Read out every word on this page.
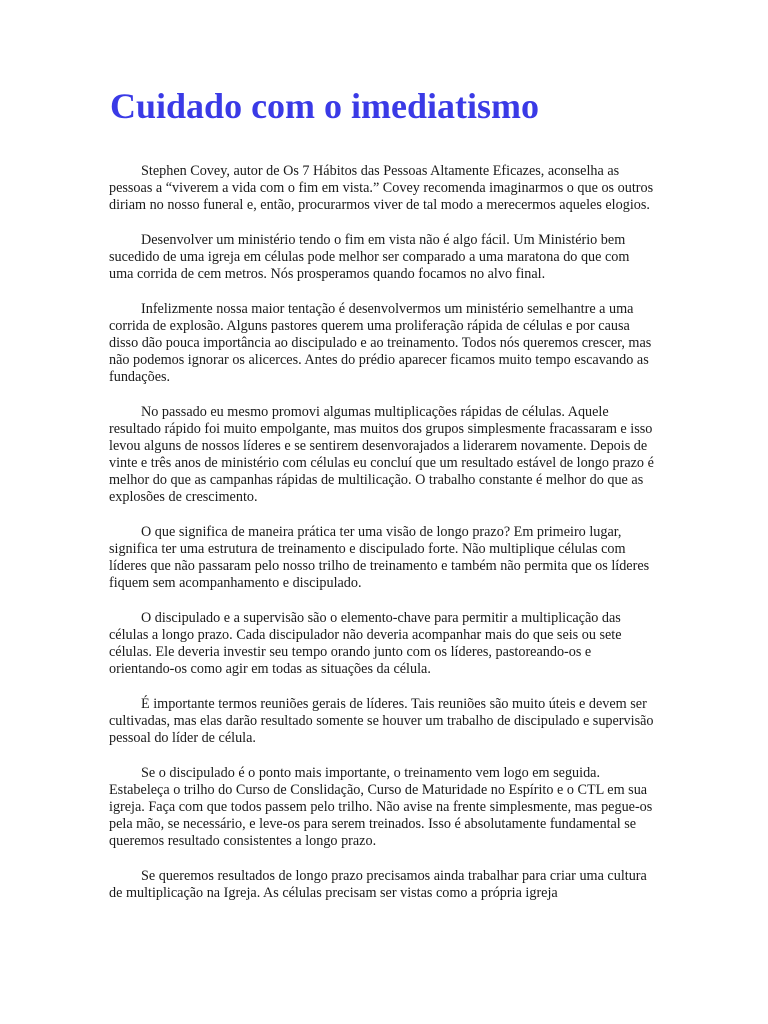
Cuidado com o imediatismo

Stephen Covey, autor de Os 7 Hábitos das Pessoas Altamente Eficazes, aconselha as pessoas a “viverem a vida com o fim em vista.” Covey recomenda imaginarmos o que os outros diriam no nosso funeral e, então, procurarmos viver de tal modo a merecermos aqueles elogios.

Desenvolver um ministério tendo o fim em vista não é algo fácil. Um Ministério bem sucedido de uma igreja em células pode melhor ser comparado a uma maratona do que com uma corrida de cem metros. Nós prosperamos quando focamos no alvo final.

Infelizmente nossa maior tentação é desenvolvermos um ministério semelhantre a uma corrida de explosão. Alguns pastores querem uma proliferação rápida de células e por causa disso dão pouca importância ao discipulado e ao treinamento. Todos nós queremos crescer, mas não podemos ignorar os alicerces. Antes do prédio aparecer ficamos muito tempo escavando as fundações.

No passado eu mesmo promovi algumas multiplicações rápidas de células. Aquele resultado rápido foi muito empolgante, mas muitos dos grupos simplesmente fracassaram e isso levou alguns de nossos líderes e se sentirem desenvorajados a liderarem novamente. Depois de vinte e três anos de ministério com células eu concluí que um resultado estável de longo prazo é melhor do que as campanhas rápidas de multilicação. O trabalho constante é melhor do que as explosões de crescimento.

O que significa de maneira prática ter uma visão de longo prazo? Em primeiro lugar, significa ter uma estrutura de treinamento e discipulado forte. Não multiplique células com líderes que não passaram pelo nosso trilho de treinamento e também não permita que os líderes fiquem sem acompanhamento e discipulado.

O discipulado e a supervisão são o elemento-chave para permitir a multiplicação das células a longo prazo. Cada discipulador não deveria acompanhar mais do que seis ou sete células. Ele deveria investir seu tempo orando junto com os líderes, pastoreando-os e orientando-os como agir em todas as situações da célula.

É importante termos reuniões gerais de líderes. Tais reuniões são muito úteis e devem ser cultivadas, mas elas darão resultado somente se houver um trabalho de discipulado e supervisão pessoal do líder de célula.

Se o discipulado é o ponto mais importante, o treinamento vem logo em seguida. Estabeleça o trilho do Curso de Conslidação, Curso de Maturidade no Espírito e o CTL em sua igreja. Faça com que todos passem pelo trilho. Não avise na frente simplesmente, mas pegue-os pela mão, se necessário, e leve-os para serem treinados. Isso é absolutamente fundamental se queremos resultado consistentes a longo prazo.

Se queremos resultados de longo prazo precisamos ainda trabalhar para criar uma cultura de multiplicação na Igreja. As células precisam ser vistas como a própria igreja
